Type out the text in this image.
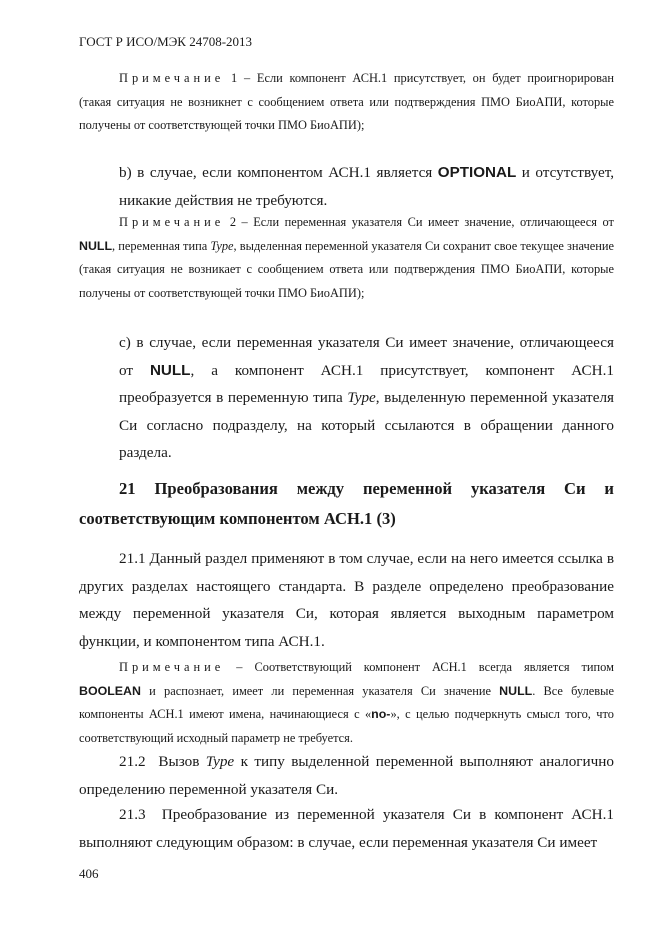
ГОСТ Р ИСО/МЭК 24708-2013
Примечание 1 – Если компонент АСН.1 присутствует, он будет проигнорирован (такая ситуация не возникнет с сообщением ответа или подтверждения ПМО БиоАПИ, которые получены от соответствующей точки ПМО БиоАПИ);
b) в случае, если компонентом АСН.1 является OPTIONAL и отсутствует, никакие действия не требуются.
Примечание 2 – Если переменная указателя Си имеет значение, отличающееся от NULL, переменная типа Type, выделенная переменной указателя Си сохранит свое текущее значение (такая ситуация не возникает с сообщением ответа или подтверждения ПМО БиоАПИ, которые получены от соответствующей точки ПМО БиоАПИ);
c) в случае, если переменная указателя Си имеет значение, отличающееся от NULL, а компонент АСН.1 присутствует, компонент АСН.1 преобразуется в переменную типа Type, выделенную переменной указателя Си согласно подразделу, на который ссылаются в обращении данного раздела.
21 Преобразования между переменной указателя Си и соответствующим компонентом АСН.1 (3)
21.1 Данный раздел применяют в том случае, если на него имеется ссылка в других разделах настоящего стандарта. В разделе определено преобразование между переменной указателя Си, которая является выходным параметром функции, и компонентом типа АСН.1.
Примечание – Соответствующий компонент АСН.1 всегда является типом BOOLEAN и распознает, имеет ли переменная указателя Си значение NULL. Все булевые компоненты АСН.1 имеют имена, начинающиеся с «no-», с целью подчеркнуть смысл того, что соответствующий исходный параметр не требуется.
21.2 Вызов Type к типу выделенной переменной выполняют аналогично определению переменной указателя Си.
21.3 Преобразование из переменной указателя Си в компонент АСН.1 выполняют следующим образом: в случае, если переменная указателя Си имеет
406
